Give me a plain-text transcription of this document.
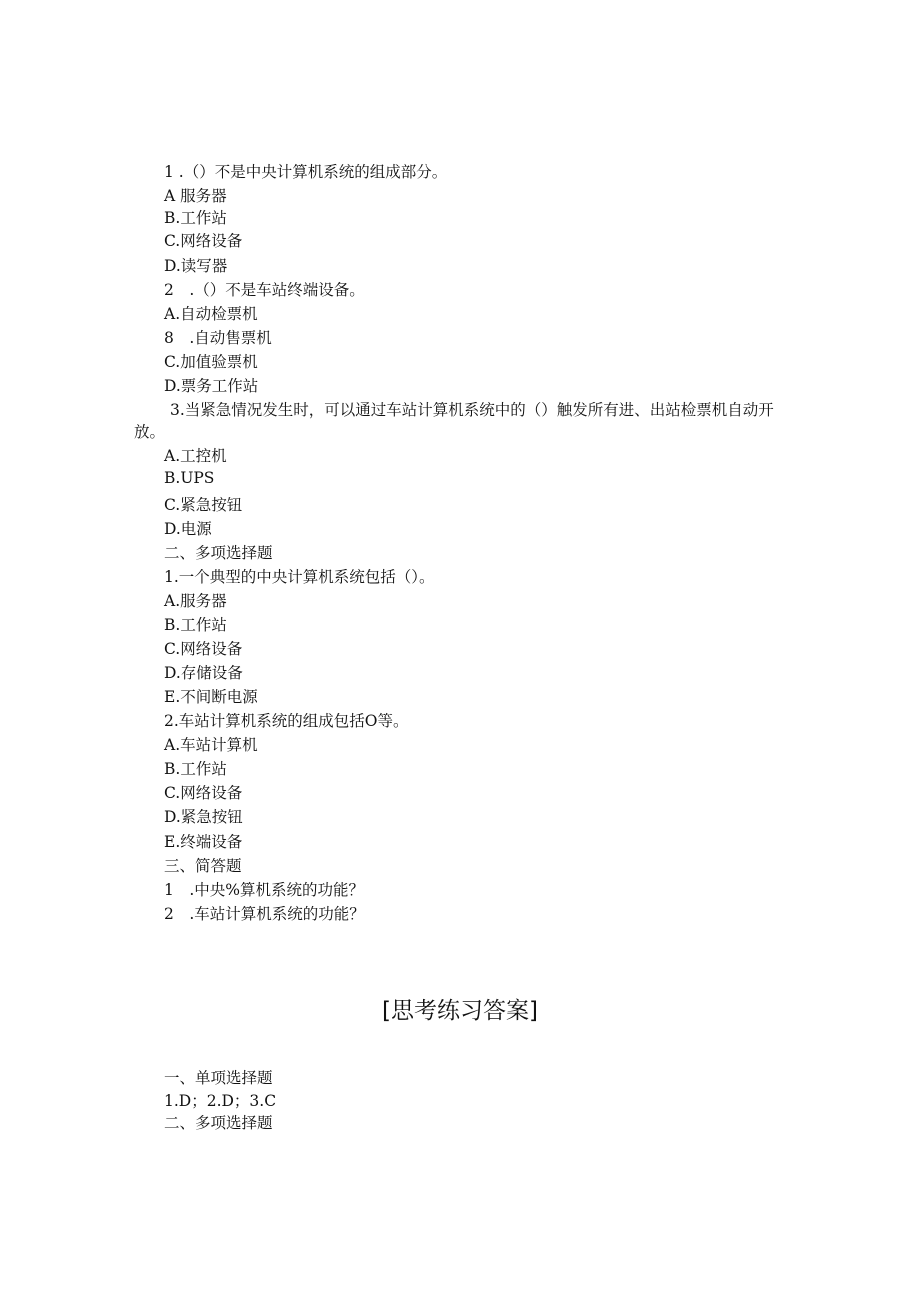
1 .（）不是中央计算机系统的组成部分。
A 服务器
B.工作站
C.网络设备
D.读写器
2　.（）不是车站终端设备。
A.自动检票机
8　.自动售票机
C.加值验票机
D.票务工作站
3.当紧急情况发生时，可以通过车站计算机系统中的（）触发所有进、出站检票机自动开放。
A.工控机
B.UPS
C.紧急按钮
D.电源
二、多项选择题
1.一个典型的中央计算机系统包括（）。
A.服务器
B.工作站
C.网络设备
D.存储设备
E.不间断电源
2.车站计算机系统的组成包括O等。
A.车站计算机
B.工作站
C.网络设备
D.紧急按钮
E.终端设备
三、简答题
1　.中央%算机系统的功能？
2　.车站计算机系统的功能？
[思考练习答案]
一、单项选择题
1.D；2.D；3.C
二、多项选择题
